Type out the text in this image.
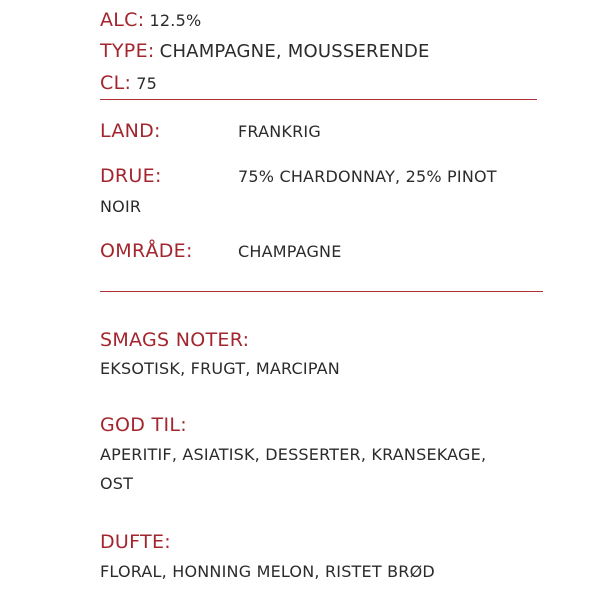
ALC: 12.5%
TYPE: CHAMPAGNE, MOUSSERENDE
CL: 75
LAND:	FRANKRIG
DRUE:	75% CHARDONNAY, 25% PINOT
NOIR
OMRÅDE:	CHAMPAGNE
SMAGS NOTER:
EKSOTISK, FRUGT, MARCIPAN
GOD TIL:
APERITIF, ASIATISK, DESSERTER, KRANSEKAGE,
OST
DUFTE:
FLORAL, HONNING MELON, RISTET BRØD
